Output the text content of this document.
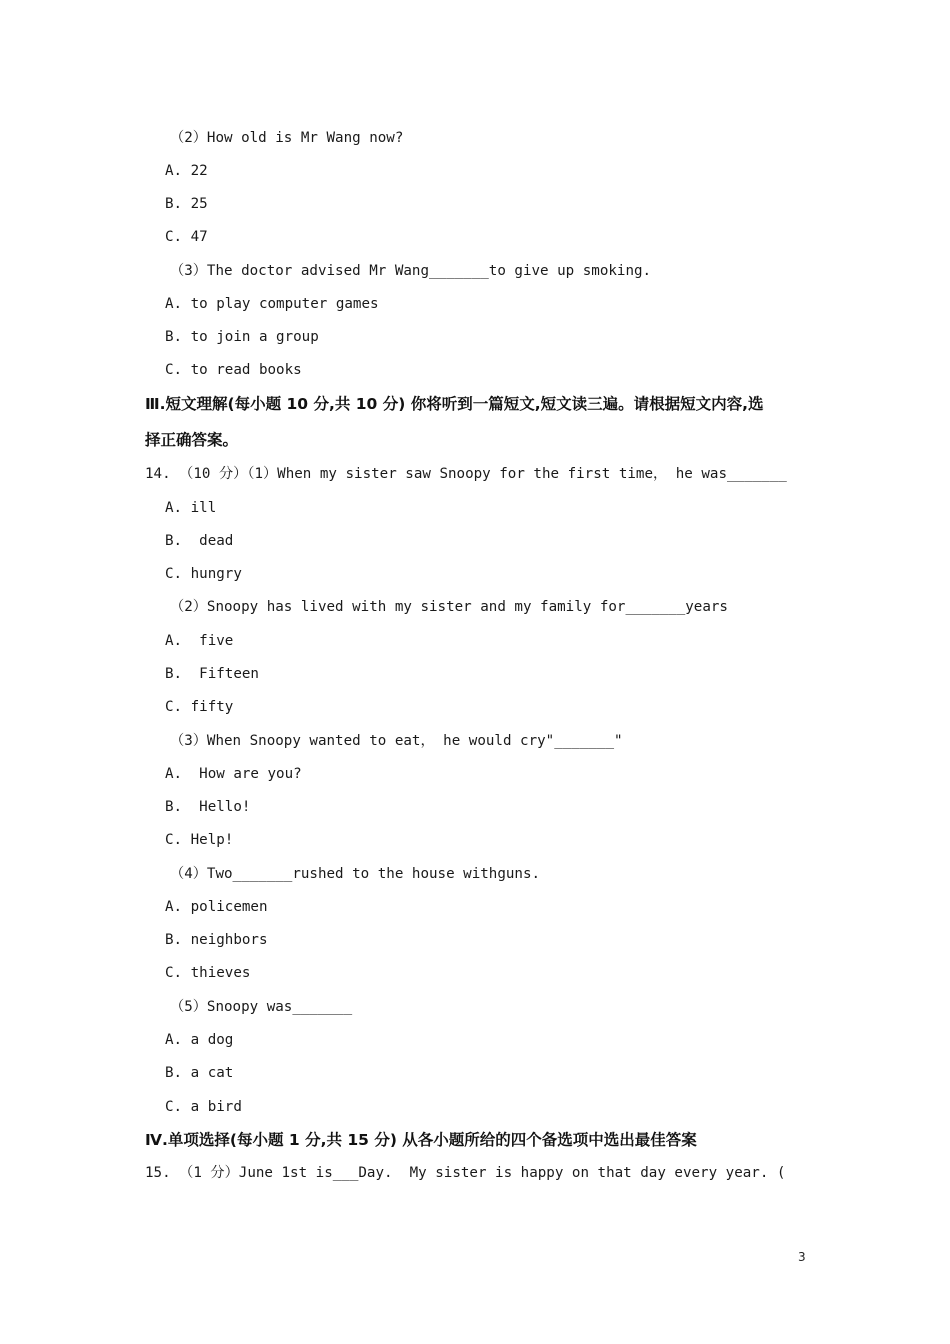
（2）How old is Mr Wang now?
A. 22
B. 25
C. 47
（3）The doctor advised Mr Wang_______to give up smoking.
A. to play computer games
B. to join a group
C. to read books
Ⅲ.短文理解(每小题 10 分,共 10 分) 你将听到一篇短文,短文读三遍。请根据短文内容,选
择正确答案。
14. （10 分）（1）When my sister saw Snoopy for the first time， he was_______
A. ill
B.  dead
C. hungry
（2）Snoopy has lived with my sister and my family for_______years
A.  five
B.  Fifteen
C. fifty
（3）When Snoopy wanted to eat， he would cry"_______"
A.  How are you?
B.  Hello!
C. Help!
（4）Two_______rushed to the house withguns.
A. policemen
B. neighbors
C. thieves
（5）Snoopy was_______
A. a dog
B. a cat
C. a bird
Ⅳ.单项选择(每小题 1 分,共 15 分) 从各小题所给的四个备选项中选出最佳答案
15. （1 分）June 1st is___Day.  My sister is happy on that day every year. (
3
